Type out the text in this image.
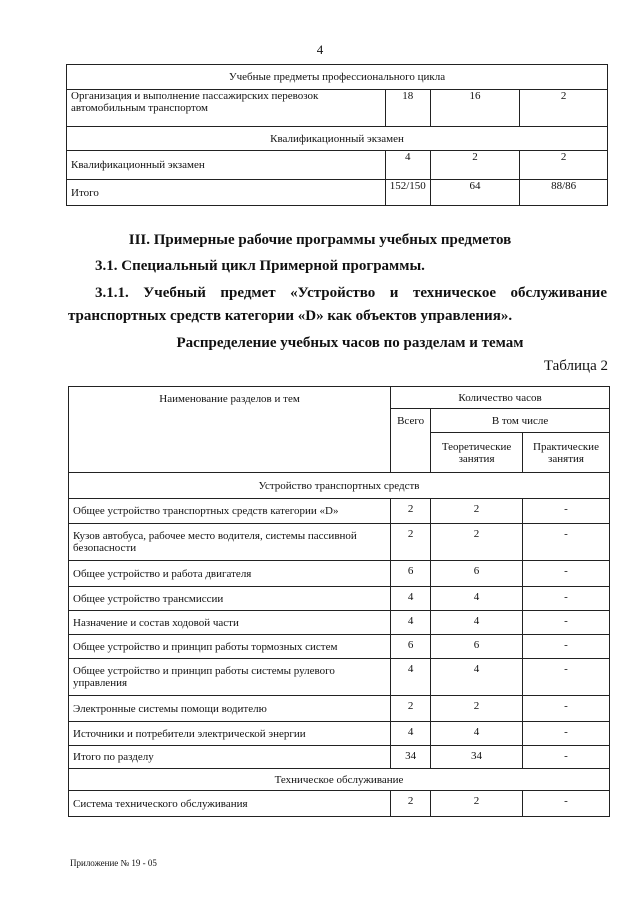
4
Учебные предметы профессионального цикла			
Организация и выполнение пассажирских перевозок автомобильным транспортом	18	16	2
Квалификационный экзамен			
Квалификационный экзамен	4	2	2
Итого	152/150	64	88/86
III. Примерные рабочие программы учебных предметов
3.1. Специальный цикл Примерной программы.
3.1.1. Учебный предмет «Устройство и техническое обслуживание
транспортных средств категории «D» как объектов управления».
Распределение учебных часов по разделам и темам
Таблица 2
Наименование разделов и тем	Количество часов		
	Всего	В том числе	
		Теоретические занятия	Практические занятия
Устройство транспортных средств			
Общее устройство транспортных средств категории «D»	2	2	-
Кузов автобуса, рабочее место водителя, системы пассивной безопасности	2	2	-
Общее устройство и работа двигателя	6	6	-
Общее устройство трансмиссии	4	4	-
Назначение и состав ходовой части	4	4	-
Общее устройство и принцип работы тормозных систем	6	6	-
Общее устройство и принцип работы системы рулевого управления	4	4	-
Электронные системы помощи водителю	2	2	-
Источники и потребители электрической энергии	4	4	-
Итого по разделу	34	34	-
Техническое обслуживание			
Система технического обслуживания	2	2	-
Приложение № 19 - 05
